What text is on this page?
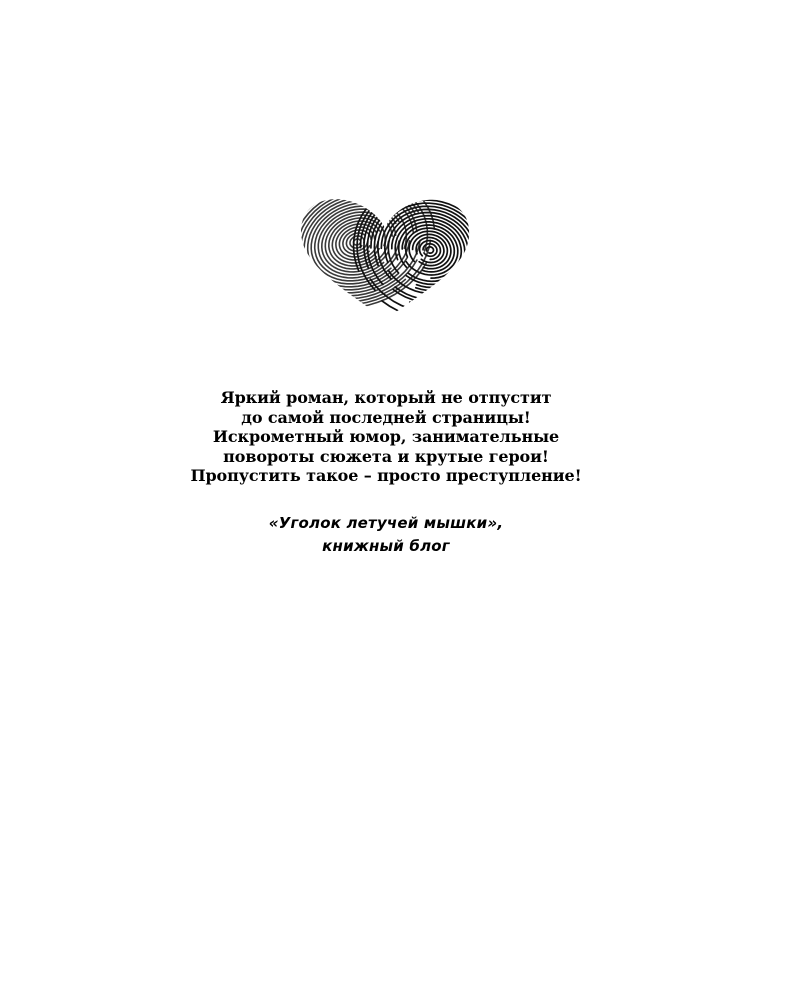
Яркий роман, который не отпустит
до самой последней страницы!
Искрометный юмор, занимательные
повороты сюжета и крутые герои!
Пропустить такое – просто преступление!
«Уголок летучей мышки»,
книжный блог
